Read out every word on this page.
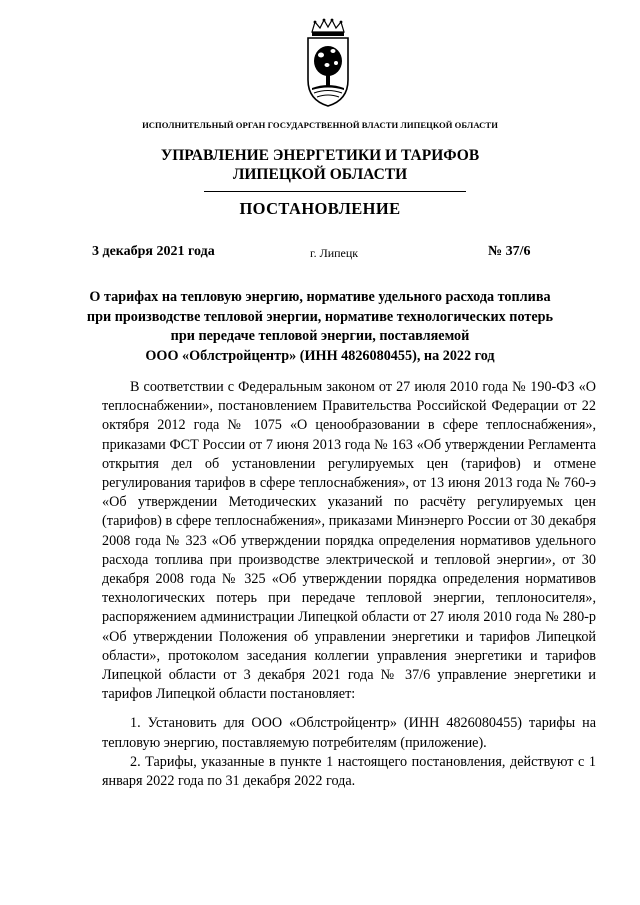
ИСПОЛНИТЕЛЬНЫЙ ОРГАН ГОСУДАРСТВЕННОЙ ВЛАСТИ ЛИПЕЦКОЙ ОБЛАСТИ
УПРАВЛЕНИЕ ЭНЕРГЕТИКИ И ТАРИФОВ
ЛИПЕЦКОЙ ОБЛАСТИ
ПОСТАНОВЛЕНИЕ
3 декабря 2021 года	г. Липецк	№ 37/6
О тарифах на тепловую энергию, нормативе удельного расхода топлива
при производстве тепловой энергии, нормативе технологических потерь
при передаче тепловой энергии, поставляемой
ООО «Облстройцентр» (ИНН 4826080455), на 2022 год

В соответствии с Федеральным законом от 27 июля 2010 года № 190-ФЗ «О теплоснабжении», постановлением Правительства Российской Федерации от 22 октября 2012 года № 1075 «О ценообразовании в сфере теплоснабжения», приказами ФСТ России от 7 июня 2013 года № 163 «Об утверждении Регламента открытия дел об установлении регулируемых цен (тарифов) и отмене регулирования тарифов в сфере теплоснабжения», от 13 июня 2013 года № 760-э «Об утверждении Методических указаний по расчёту регулируемых цен (тарифов) в сфере теплоснабжения», приказами Минэнерго России от 30 декабря 2008 года № 323 «Об утверждении порядка определения нормативов удельного расхода топлива при производстве электрической и тепловой энергии», от 30 декабря 2008 года № 325 «Об утверждении порядка определения нормативов технологических потерь при передаче тепловой энергии, теплоносителя», распоряжением администрации Липецкой области от 27 июля 2010 года № 280-р «Об утверждении Положения об управлении энергетики и тарифов Липецкой области», протоколом заседания коллегии управления энергетики и тарифов Липецкой области от 3 декабря 2021 года № 37/6 управление энергетики и тарифов Липецкой области постановляет:

1. Установить для ООО «Облстройцентр» (ИНН 4826080455) тарифы на тепловую энергию, поставляемую потребителям (приложение).

2. Тарифы, указанные в пункте 1 настоящего постановления, действуют с 1 января 2022 года по 31 декабря 2022 года.
